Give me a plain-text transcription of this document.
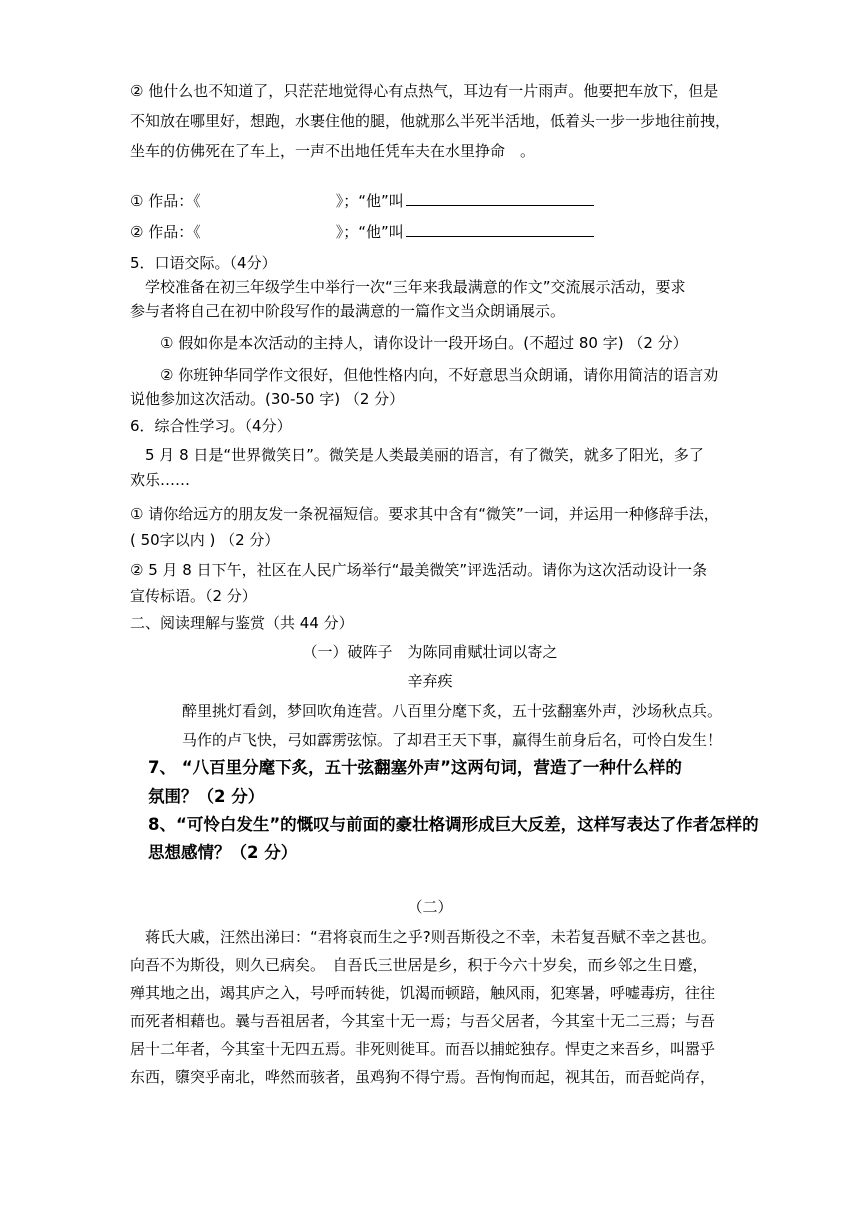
② 他什么也不知道了，只茫茫地觉得心有点热气，耳边有一片雨声。他要把车放下，但是
不知放在哪里好，想跑，水裹住他的腿，他就那么半死半活地，低着头一步一步地往前拽，
坐车的仿佛死在了车上，一声不出地任凭车夫在水里挣命　。
① 作品：《　　　　　　　　　》；“他”叫
② 作品：《　　　　　　　　　》；“他”叫
5．口语交际。（4分）
　学校准备在初三年级学生中举行一次“三年来我最满意的作文”交流展示活动，要求
参与者将自己在初中阶段写作的最满意的一篇作文当众朗诵展示。
① 假如你是本次活动的主持人，请你设计一段开场白。(不超过 80 字) （2 分）
② 你班钟华同学作文很好，但他性格内向，不好意思当众朗诵，请你用简洁的语言劝
说他参加这次活动。(30-50 字) （2 分）
6．综合性学习。（4分）
5 月 8 日是“世界微笑日”。微笑是人类最美丽的语言，有了微笑，就多了阳光，多了
欢乐……
① 请你给远方的朋友发一条祝福短信。要求其中含有“微笑”一词，并运用一种修辞手法，
( 50字以内 ) （2 分）
② 5 月 8 日下午，社区在人民广场举行“最美微笑”评选活动。请你为这次活动设计一条
宣传标语。（2 分）
二、阅读理解与鉴赏（共 44 分）
（一）破阵子　为陈同甫赋壮词以寄之
辛弃疾
醉里挑灯看剑，梦回吹角连营。八百里分麾下炙，五十弦翻塞外声，沙场秋点兵。
马作的卢飞快，弓如霹雳弦惊。了却君王天下事，赢得生前身后名，可怜白发生！
7、 “八百里分麾下炙，五十弦翻塞外声”这两句词，营造了一种什么样的
氛围？（2 分）
8、“可怜白发生”的慨叹与前面的豪壮格调形成巨大反差，这样写表达了作者怎样的
思想感情？（2 分）
（二）
蒋氏大戚，汪然出涕曰：“君将哀而生之乎?则吾斯役之不幸，未若复吾赋不幸之甚也。
向吾不为斯役，则久已病矣。　自吾氏三世居是乡，积于今六十岁矣，而乡邻之生日蹙，
殚其地之出，竭其庐之入，号呼而转徙，饥渴而顿踣，触风雨，犯寒暑，呼嘘毒疠，往往
而死者相藉也。曩与吾祖居者，今其室十无一焉；与吾父居者，今其室十无二三焉；与吾
居十二年者，今其室十无四五焉。非死则徙耳。而吾以捕蛇独存。悍吏之来吾乡，叫嚣乎
东西，隳突乎南北，哗然而骇者，虽鸡狗不得宁焉。吾恂恂而起，视其缶，而吾蛇尚存，
